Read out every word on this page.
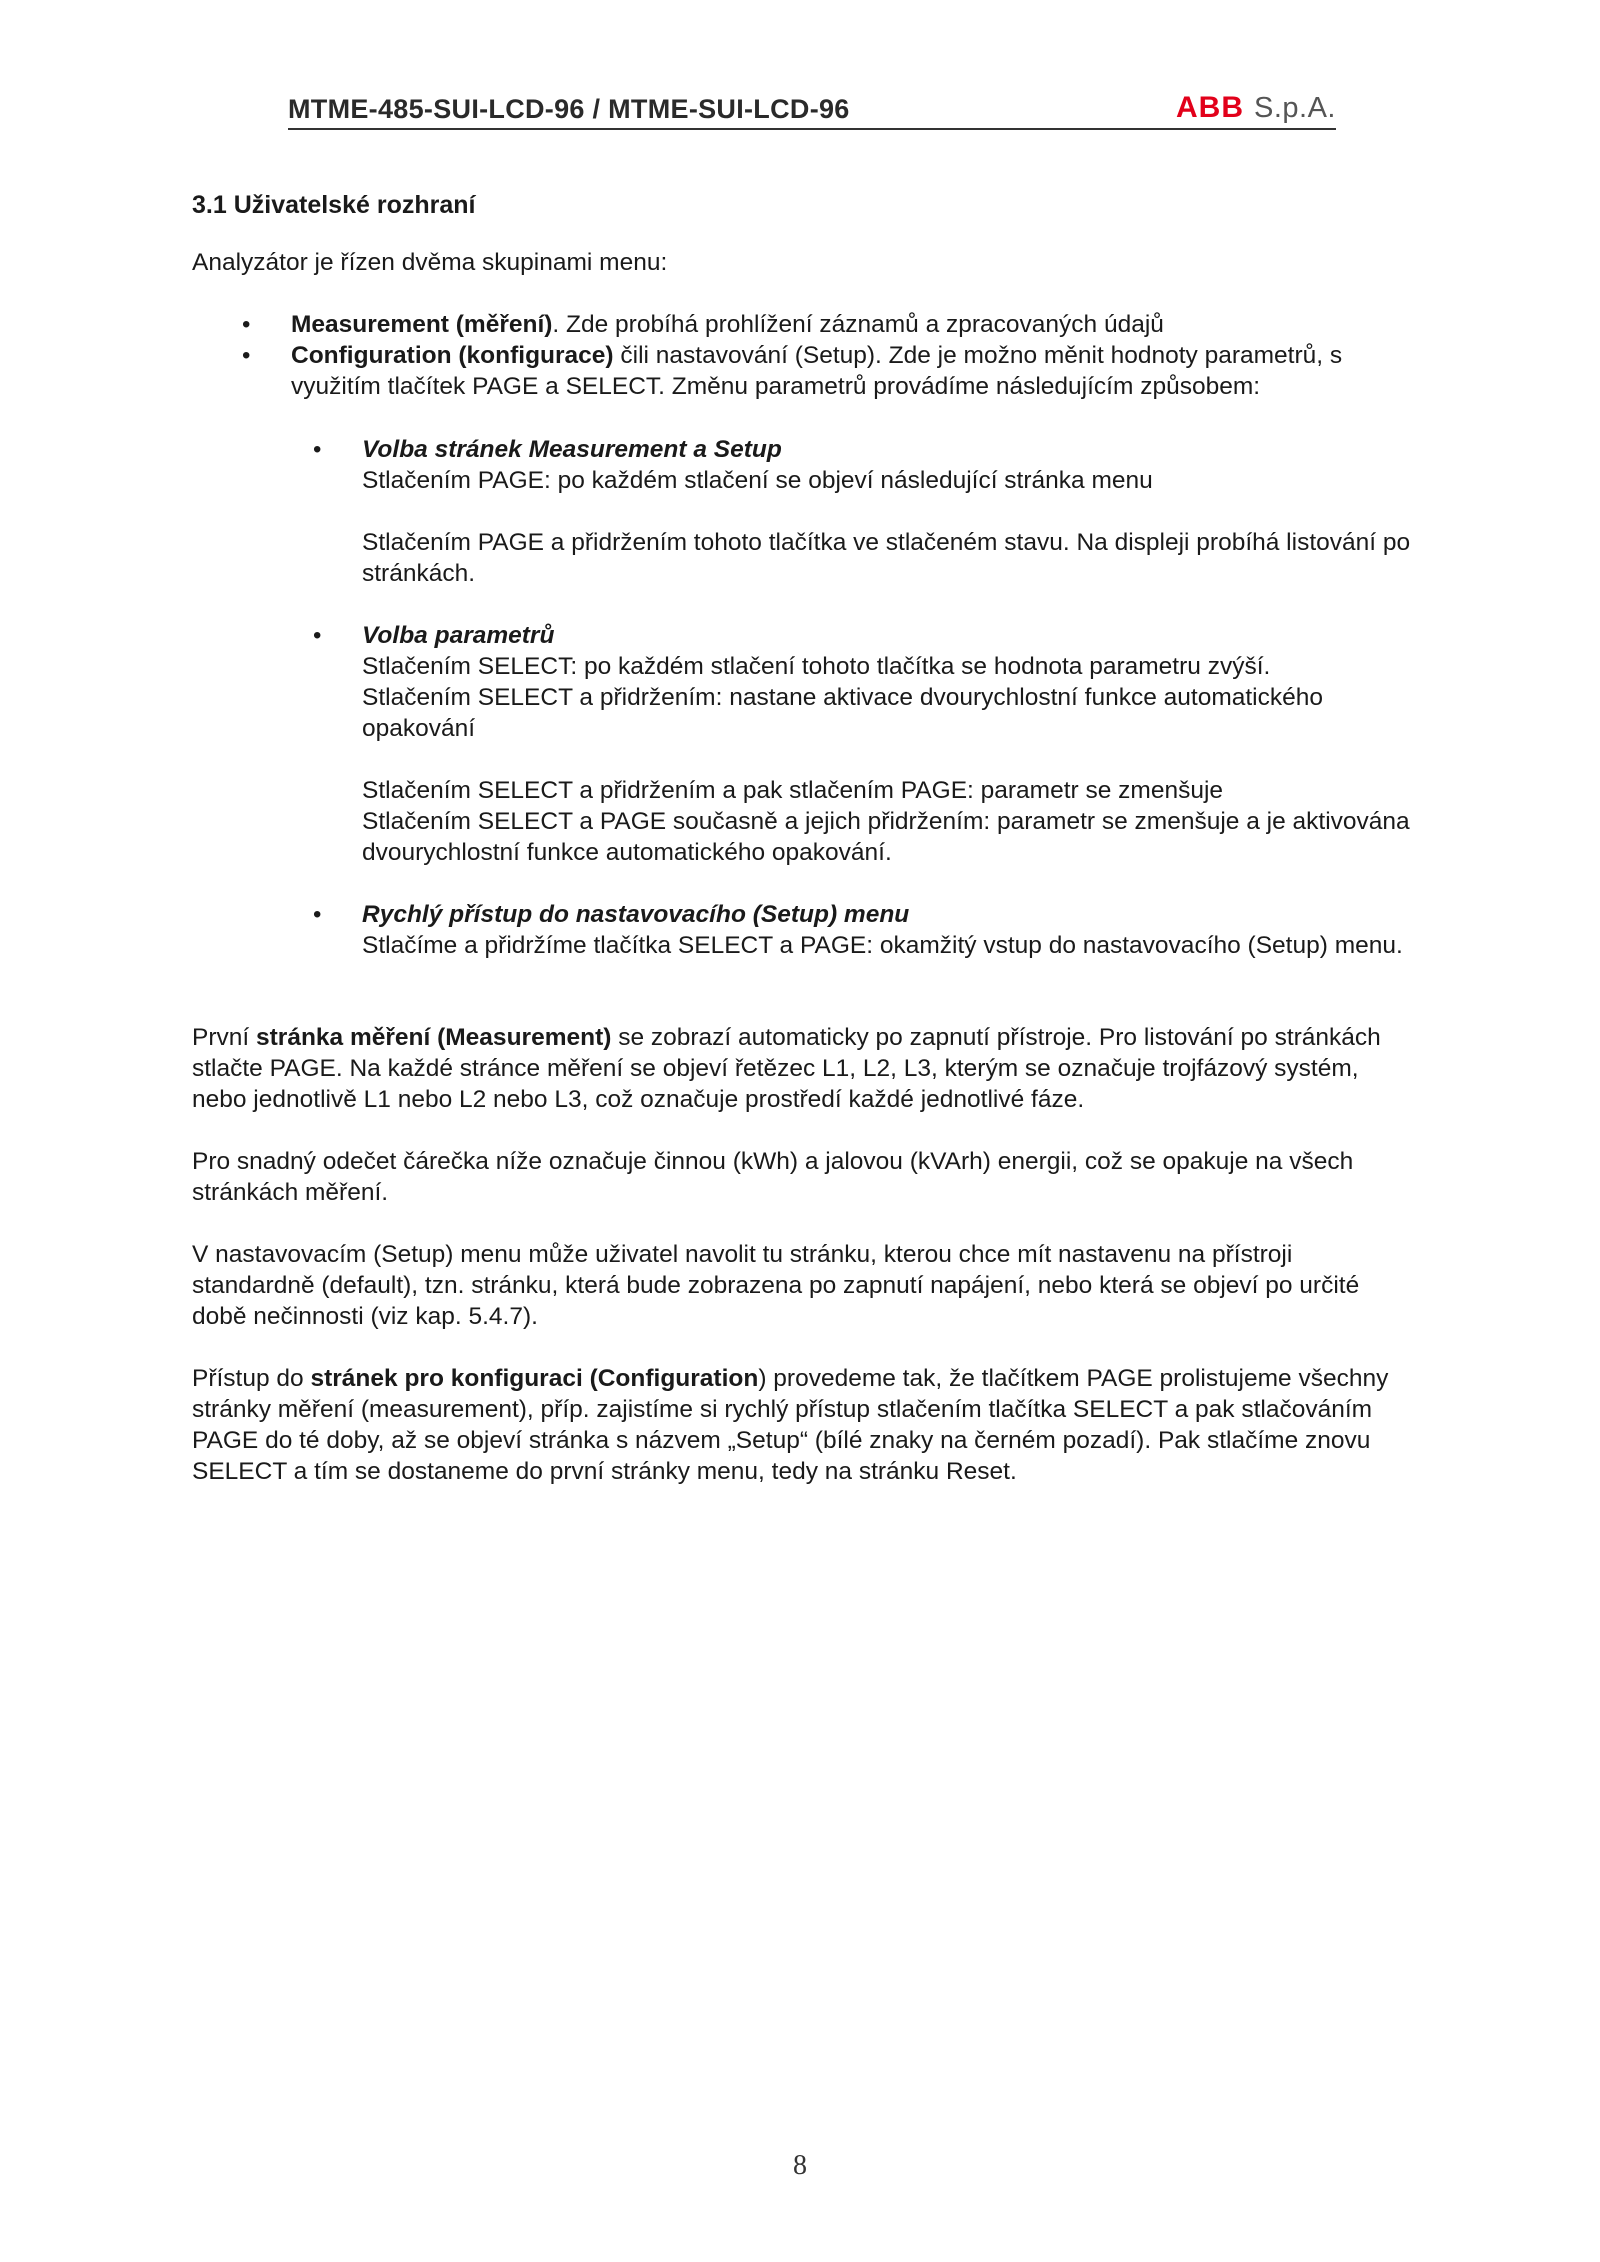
MTME-485-SUI-LCD-96 / MTME-SUI-LCD-96	ABB S.p.A.
3.1 Uživatelské rozhraní

Analyzátor je řízen dvěma skupinami menu:

• Measurement (měření). Zde probíhá prohlížení záznamů a zpracovaných údajů
• Configuration (konfigurace) čili nastavování (Setup). Zde je možno měnit hodnoty parametrů, s využitím tlačítek PAGE a SELECT. Změnu parametrů provádíme následujícím způsobem:
• Volba stránek Measurement a Setup
Stlačením PAGE: po každém stlačení se objeví následující stránka menu
Stlačením PAGE a přidržením tohoto tlačítka ve stlačeném stavu. Na displeji probíhá listování po stránkách.
• Volba parametrů
Stlačením SELECT: po každém stlačení tohoto tlačítka se hodnota parametru zvýší.
Stlačením SELECT a přidržením: nastane aktivace dvourychlostní funkce automatického opakování
Stlačením SELECT a přidržením a pak stlačením PAGE: parametr se zmenšuje
Stlačením SELECT a PAGE současně a jejich přidržením: parametr se zmenšuje a je aktivována dvourychlostní funkce automatického opakování.
• Rychlý přístup do nastavovacího (Setup) menu
Stlačíme a přidržíme tlačítka SELECT a PAGE: okamžitý vstup do nastavovacího (Setup) menu.

První stránka měření (Measurement) se zobrazí automaticky po zapnutí přístroje. Pro listování po stránkách stlačte PAGE. Na každé stránce měření se objeví řetězec L1, L2, L3, kterým se označuje trojfázový systém, nebo jednotlivě L1 nebo L2 nebo L3, což označuje prostředí každé jednotlivé fáze.

Pro snadný odečet čárečka níže označuje činnou (kWh) a jalovou (kVArh) energii, což se opakuje na všech stránkách měření.

V nastavovacím (Setup) menu může uživatel navolit tu stránku, kterou chce mít nastavenu na přístroji standardně (default), tzn. stránku, která bude zobrazena po zapnutí napájení, nebo která se objeví po určité době nečinnosti (viz kap. 5.4.7).

Přístup do stránek pro konfiguraci (Configuration) provedeme tak, že tlačítkem PAGE prolistujeme všechny stránky měření (measurement), příp. zajistíme si rychlý přístup stlačením tlačítka SELECT a pak stlačováním PAGE do té doby, až se objeví stránka s názvem „Setup“ (bílé znaky na černém pozadí). Pak stlačíme znovu SELECT a tím se dostaneme do první stránky menu, tedy na stránku Reset.

8
